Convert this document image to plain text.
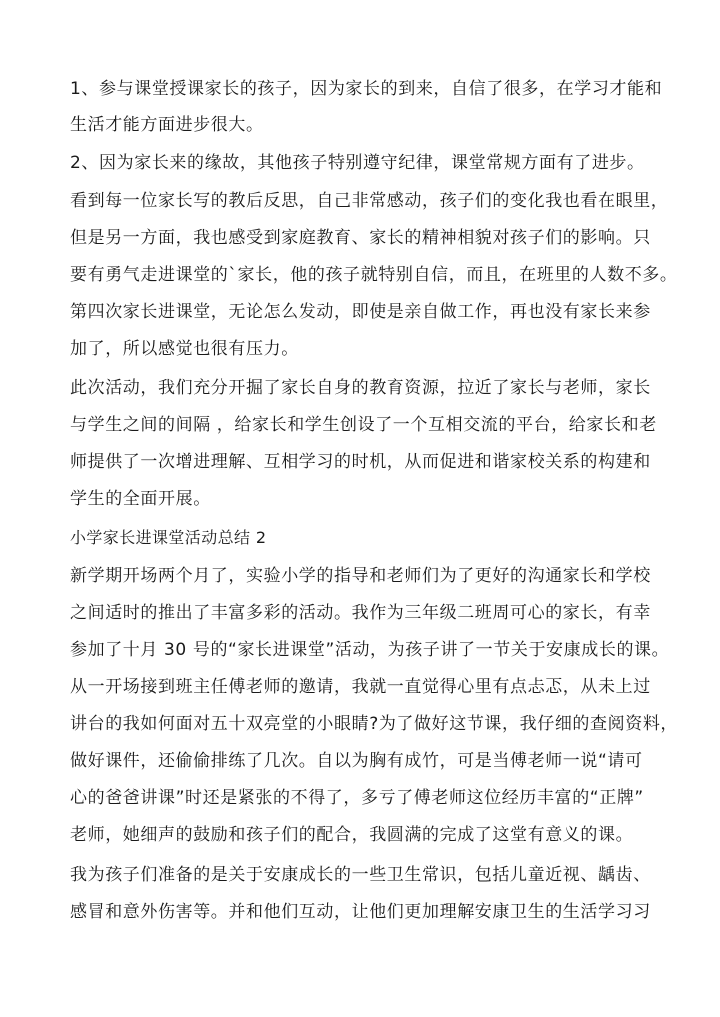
1、参与课堂授课家长的孩子，因为家长的到来，自信了很多，在学习才能和
生活才能方面进步很大。
2、因为家长来的缘故，其他孩子特别遵守纪律，课堂常规方面有了进步。
看到每一位家长写的教后反思，自己非常感动，孩子们的变化我也看在眼里，
但是另一方面，我也感受到家庭教育、家长的精神相貌对孩子们的影响。只
要有勇气走进课堂的`家长，他的孩子就特别自信，而且，在班里的人数不多。
第四次家长进课堂，无论怎么发动，即使是亲自做工作，再也没有家长来参
加了，所以感觉也很有压力。
此次活动，我们充分开掘了家长自身的教育资源，拉近了家长与老师，家长
与学生之间的间隔 ，给家长和学生创设了一个互相交流的平台，给家长和老
师提供了一次增进理解、互相学习的时机，从而促进和谐家校关系的构建和
学生的全面开展。
小学家长进课堂活动总结 2
新学期开场两个月了，实验小学的指导和老师们为了更好的沟通家长和学校
之间适时的推出了丰富多彩的活动。我作为三年级二班周可心的家长，有幸
参加了十月 30 号的“家长进课堂”活动，为孩子讲了一节关于安康成长的课。
从一开场接到班主任傅老师的邀请，我就一直觉得心里有点忐忑，从未上过
讲台的我如何面对五十双亮堂的小眼睛?为了做好这节课，我仔细的查阅资料，
做好课件，还偷偷排练了几次。自以为胸有成竹，可是当傅老师一说“请可
心的爸爸讲课”时还是紧张的不得了，多亏了傅老师这位经历丰富的“正牌”
老师，她细声的鼓励和孩子们的配合，我圆满的完成了这堂有意义的课。
我为孩子们准备的是关于安康成长的一些卫生常识，包括儿童近视、龋齿、
感冒和意外伤害等。并和他们互动，让他们更加理解安康卫生的生活学习习
